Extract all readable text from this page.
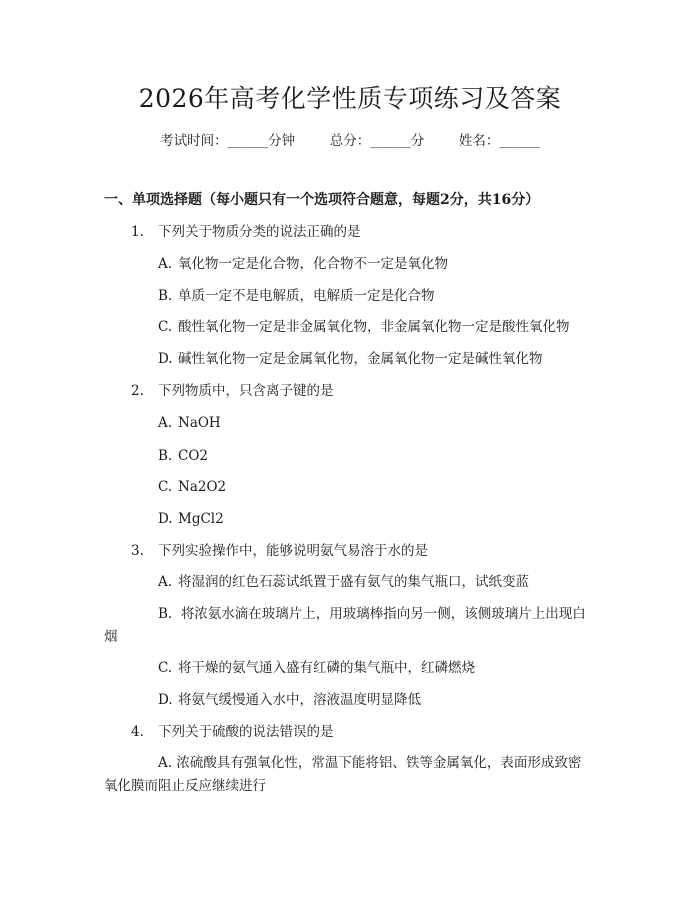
2026年高考化学性质专项练习及答案
考试时间：______分钟	总分：______分	姓名：______
一、单项选择题（每小题只有一个选项符合题意，每题2分，共16分）
1. 下列关于物质分类的说法正确的是
A. 氧化物一定是化合物，化合物不一定是氧化物
B. 单质一定不是电解质，电解质一定是化合物
C. 酸性氧化物一定是非金属氧化物，非金属氧化物一定是酸性氧化物
D. 碱性氧化物一定是金属氧化物，金属氧化物一定是碱性氧化物
2. 下列物质中，只含离子键的是
A. NaOH
B. CO2
C. Na2O2
D. MgCl2
3. 下列实验操作中，能够说明氨气易溶于水的是
A. 将湿润的红色石蕊试纸置于盛有氨气的集气瓶口，试纸变蓝
B. 将浓氨水滴在玻璃片上，用玻璃棒指向另一侧，该侧玻璃片上出现白
烟
C. 将干燥的氨气通入盛有红磷的集气瓶中，红磷燃烧
D. 将氨气缓慢通入水中，溶液温度明显降低
4. 下列关于硫酸的说法错误的是
A. 浓硫酸具有强氧化性，常温下能将铝、铁等金属氧化，表面形成致密
氧化膜而阻止反应继续进行
